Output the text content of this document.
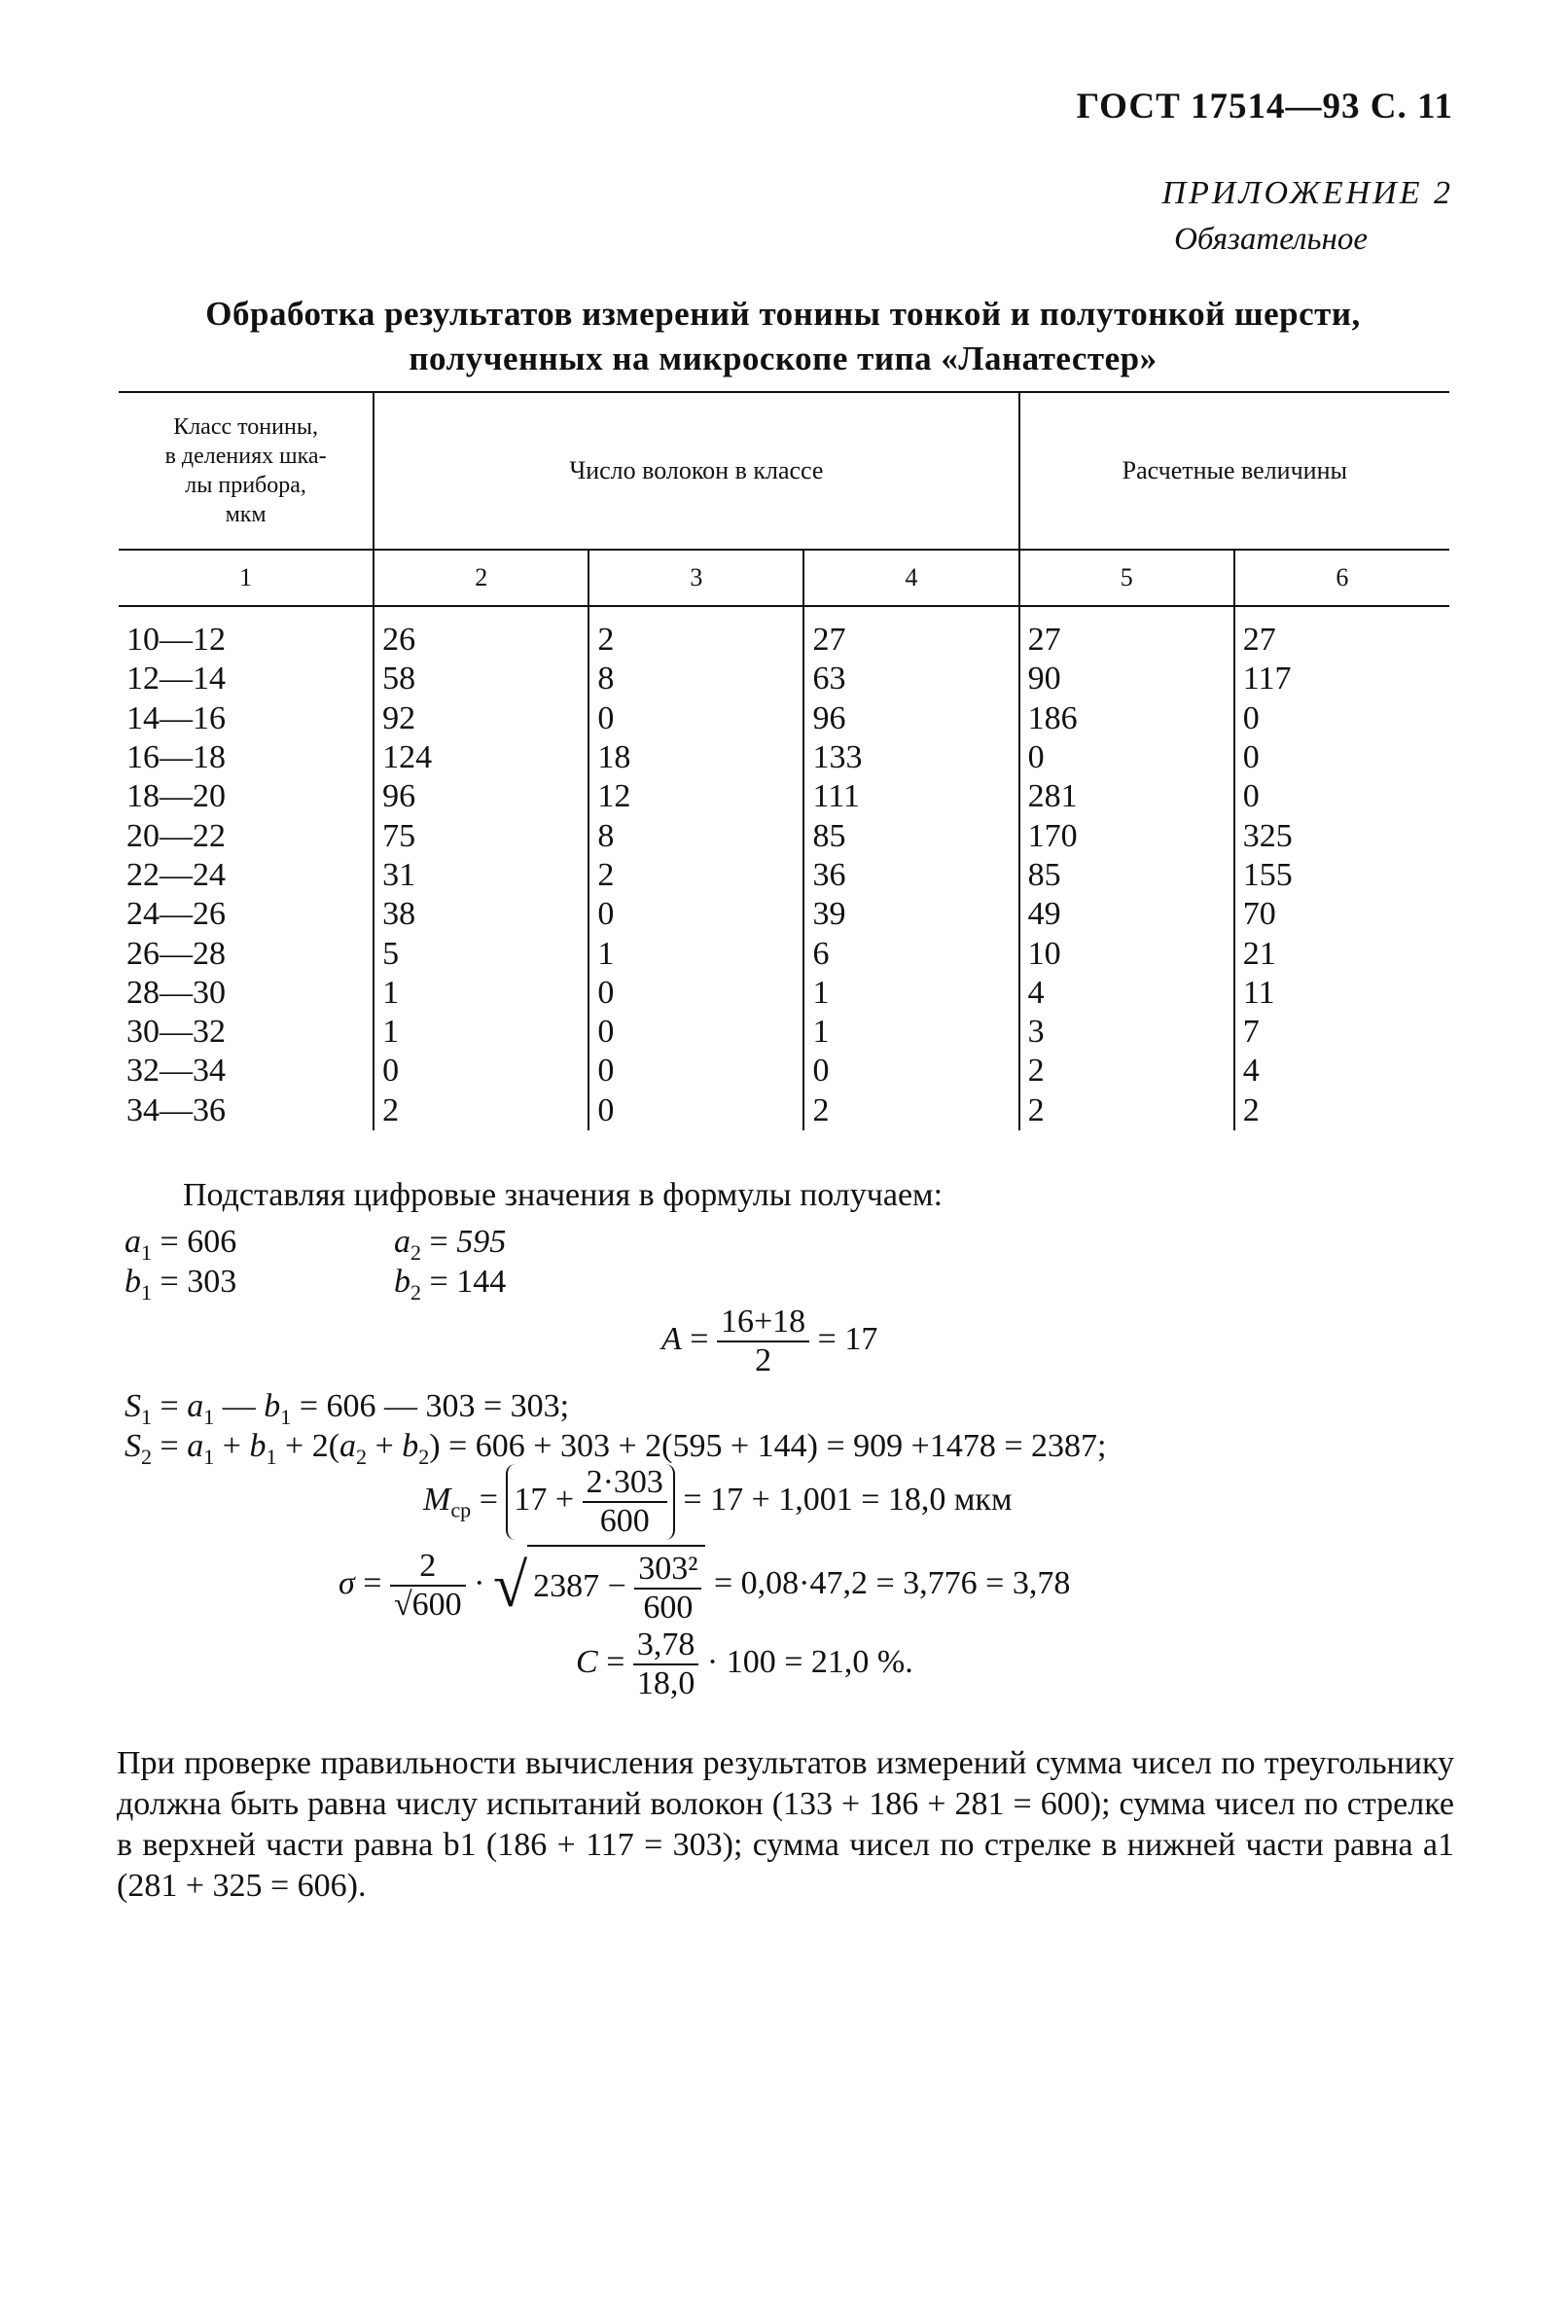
ГОСТ 17514—93 С. 11
ПРИЛОЖЕНИЕ 2
Обязательное
Обработка результатов измерений тонины тонкой и полутонкой шерсти,
полученных на микроскопе типа «Ланатестер»
Класс тонины,
в делениях шка-
лы прибора,
мкм	Число волокон в классе			Расчетные величины	
1	2	3	4	5	6
10—12	26	2	27	27	27
12—14	58	8	63	90	117
14—16	92	0	96	186	0
16—18	124	18	133	0	0
18—20	96	12	111	281	0
20—22	75	8	85	170	325
22—24	31	2	36	85	155
24—26	38	0	39	49	70
26—28	5	1	6	10	21
28—30	1	0	1	4	11
30—32	1	0	1	3	7
32—34	0	0	0	2	4
34—36	2	0	2	2	2
Подставляя цифровые значения в формулы получаем:
$a_1 = 606$	$a_2 = 595$
$b_1 = 303$	$b_2 = 144$
$A = \frac{16+18}{2} = 17$
$S_1 = a_1$ — $b_1 = 606$ — 303 = 303;
$S_2 = a_1 + b_1 + 2(a_2 + b_2) = 606 + 303 + 2(595 + 144) = 909 +1478 = 2387$;
$M_{ср} = 17 + \frac{2\cdot 303}{600} = 17 + 1,001 = 18,0$ мкм
$\sigma = \frac{2}{√600}$ · √ $2387 - \frac{\text{303²}}{600} = 0,08\cdot 47,2 = 3,776 = 3,78$
$C = \frac{3,78}{18,0} \cdot 100 = 21,0$ %.
При проверке правильности вычисления результатов измерений сумма чисел по треугольнику должна быть равна числу испытаний волокон (133 + 186 + 281 = 600); сумма чисел по стрелке в верхней части равна b1 (186 + 117 = 303); сумма чисел по стрелке в нижней части равна a1 (281 + 325 = 606).
